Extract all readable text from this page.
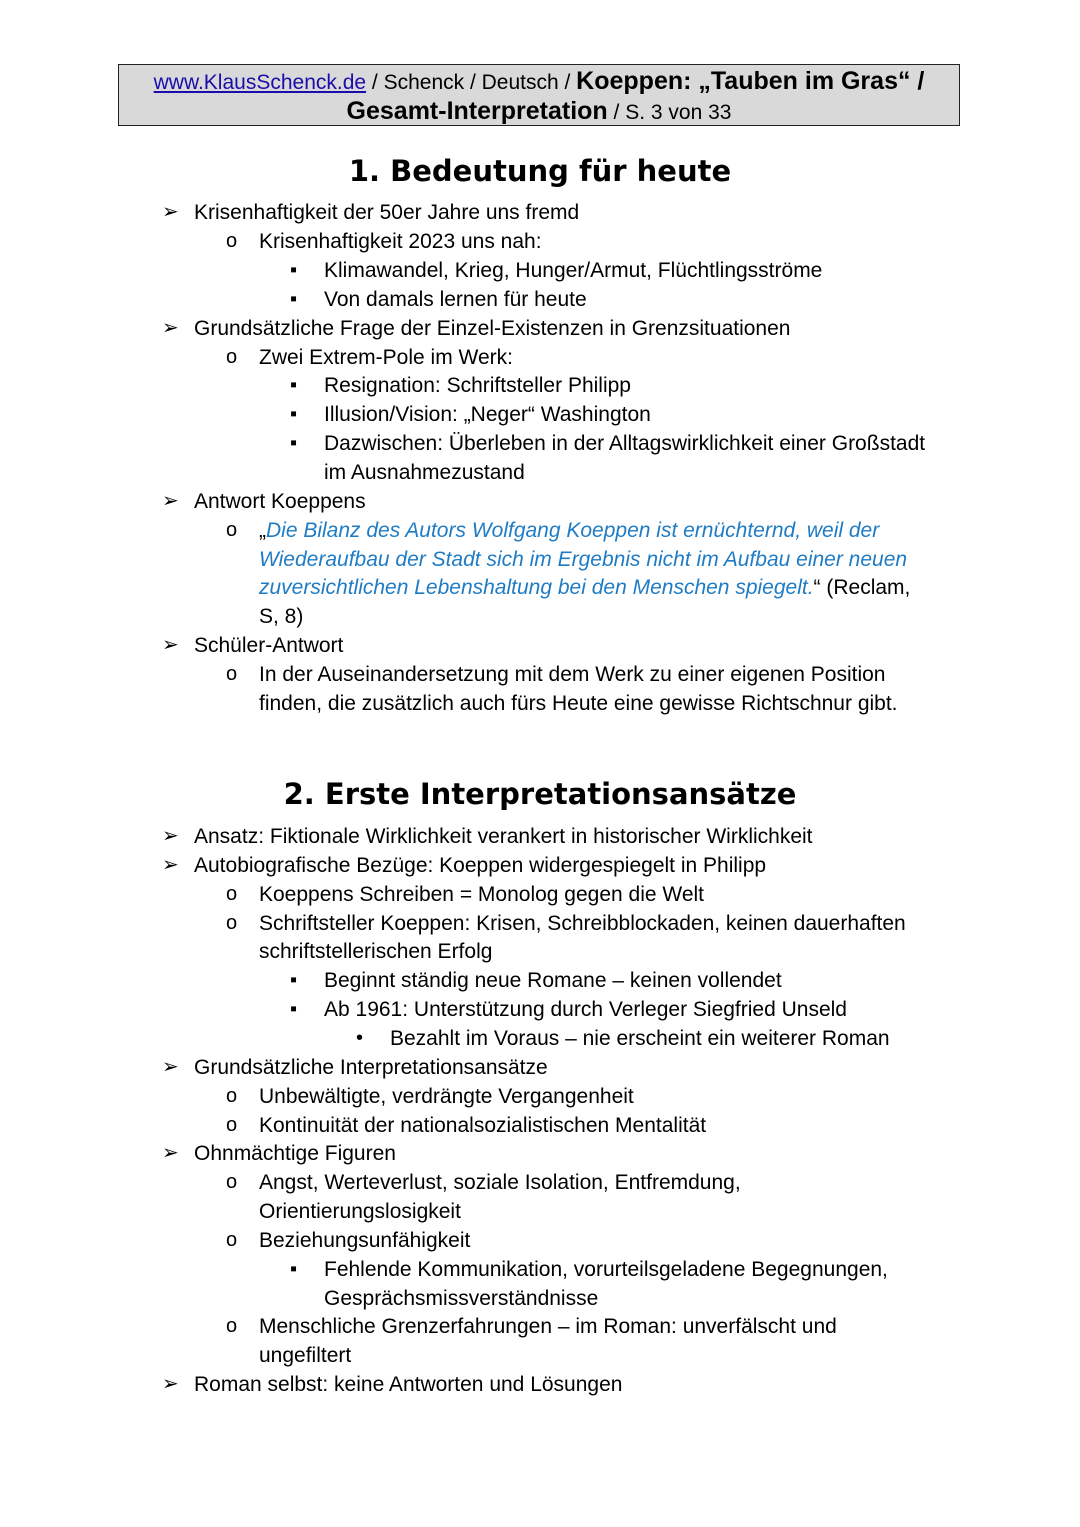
www.KlausSchenck.de / Schenck / Deutsch / Koeppen: „Tauben im Gras“ /
Gesamt-Interpretation / S. 3 von 33
1. Bedeutung für heute
➢ Krisenhaftigkeit der 50er Jahre uns fremd
o Krisenhaftigkeit 2023 uns nah:
▪ Klimawandel, Krieg, Hunger/Armut, Flüchtlingsströme
▪ Von damals lernen für heute
➢ Grundsätzliche Frage der Einzel-Existenzen in Grenzsituationen
o Zwei Extrem-Pole im Werk:
▪ Resignation: Schriftsteller Philipp
▪ Illusion/Vision: „Neger“ Washington
▪ Dazwischen: Überleben in der Alltagswirklichkeit einer Großstadt
im Ausnahmezustand
➢ Antwort Koeppens
o „Die Bilanz des Autors Wolfgang Koeppen ist ernüchternd, weil der
Wiederaufbau der Stadt sich im Ergebnis nicht im Aufbau einer neuen
zuversichtlichen Lebenshaltung bei den Menschen spiegelt.“ (Reclam,
S, 8)
➢ Schüler-Antwort
o In der Auseinandersetzung mit dem Werk zu einer eigenen Position
finden, die zusätzlich auch fürs Heute eine gewisse Richtschnur gibt.
2. Erste Interpretationsansätze
➢ Ansatz: Fiktionale Wirklichkeit verankert in historischer Wirklichkeit
➢ Autobiografische Bezüge: Koeppen widergespiegelt in Philipp
o Koeppens Schreiben = Monolog gegen die Welt
o Schriftsteller Koeppen: Krisen, Schreibblockaden, keinen dauerhaften
schriftstellerischen Erfolg
▪ Beginnt ständig neue Romane – keinen vollendet
▪ Ab 1961: Unterstützung durch Verleger Siegfried Unseld
• Bezahlt im Voraus – nie erscheint ein weiterer Roman
➢ Grundsätzliche Interpretationsansätze
o Unbewältigte, verdrängte Vergangenheit
o Kontinuität der nationalsozialistischen Mentalität
➢ Ohnmächtige Figuren
o Angst, Werteverlust, soziale Isolation, Entfremdung,
Orientierungslosigkeit
o Beziehungsunfähigkeit
▪ Fehlende Kommunikation, vorurteilsgeladene Begegnungen,
Gesprächsmissverständnisse
o Menschliche Grenzerfahrungen – im Roman: unverfälscht und
ungefiltert
➢ Roman selbst: keine Antworten und Lösungen
